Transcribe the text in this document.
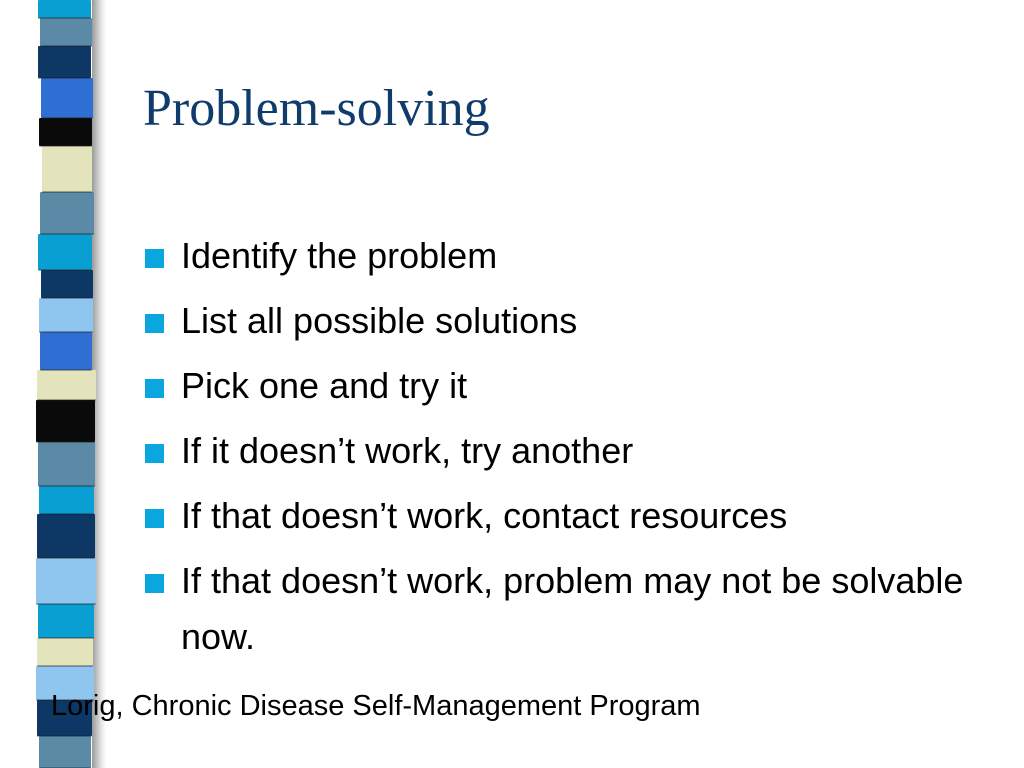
Problem-solving
Identify the problem
List all possible solutions
Pick one and try it
If it doesn’t work, try another
If that doesn’t work, contact resources
If that doesn’t work, problem may not be solvable now.
Lorig, Chronic Disease Self-Management Program
